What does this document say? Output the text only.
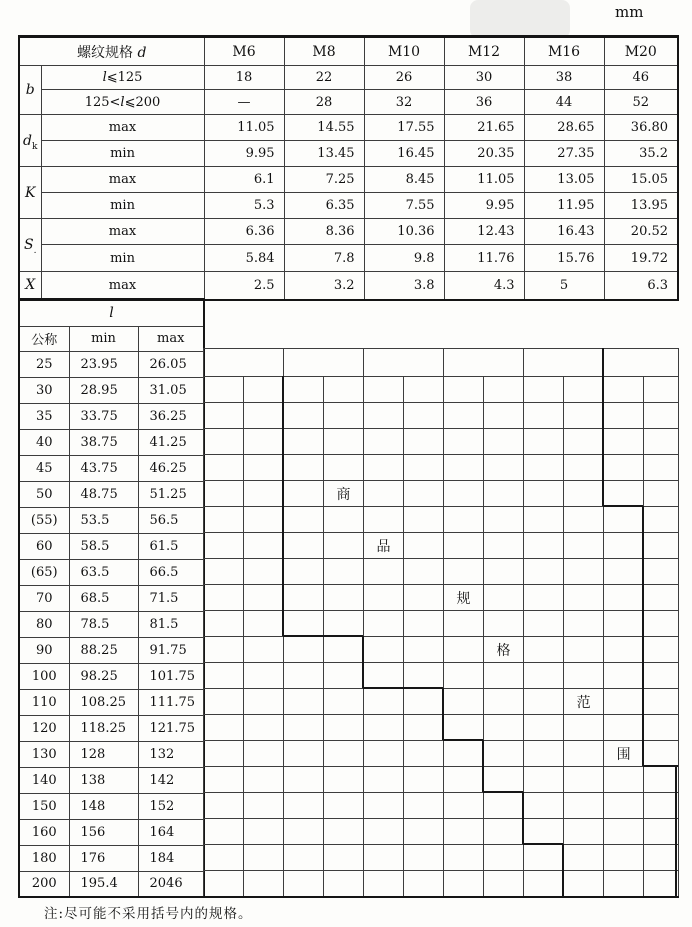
mm
螺纹规格 d		M6	M8	M10	M12	M16	M20
b	l⩽125	18	22	26	30	38	46
	125<l⩽200	—	28	32	36	44	52
$d_k$	max	11.05	14.55	17.55	21.65	28.65	36.80
	min	9.95	13.45	16.45	20.35	27.35	35.2
K	max	6.1	7.25	8.45	11.05	13.05	15.05
	min	5.3	6.35	7.55	9.95	11.95	13.95
$S_.$	max	6.36	8.36	10.36	12.43	16.43	20.52
	min	5.84	7.8	9.8	11.76	15.76	19.72
X	max	2.5	3.2	3.8	4.3	5	6.3
l		
公称	min	max
25	23.95	26.05
30	28.95	31.05
35	33.75	36.25
40	38.75	41.25
45	43.75	46.25
50	48.75	51.25
(55)	53.5	56.5
60	58.5	61.5
(65)	63.5	66.5
70	68.5	71.5
80	78.5	81.5
90	88.25	91.75
100	98.25	101.75
110	108.25	111.75
120	118.25	121.75
130	128	132
140	138	142
150	148	152
160	156	164
180	176	184
200	195.4	2046

			商								

				品							

						规					

							格				

									范		

										围	

注:尽可能不采用括号内的规格。
